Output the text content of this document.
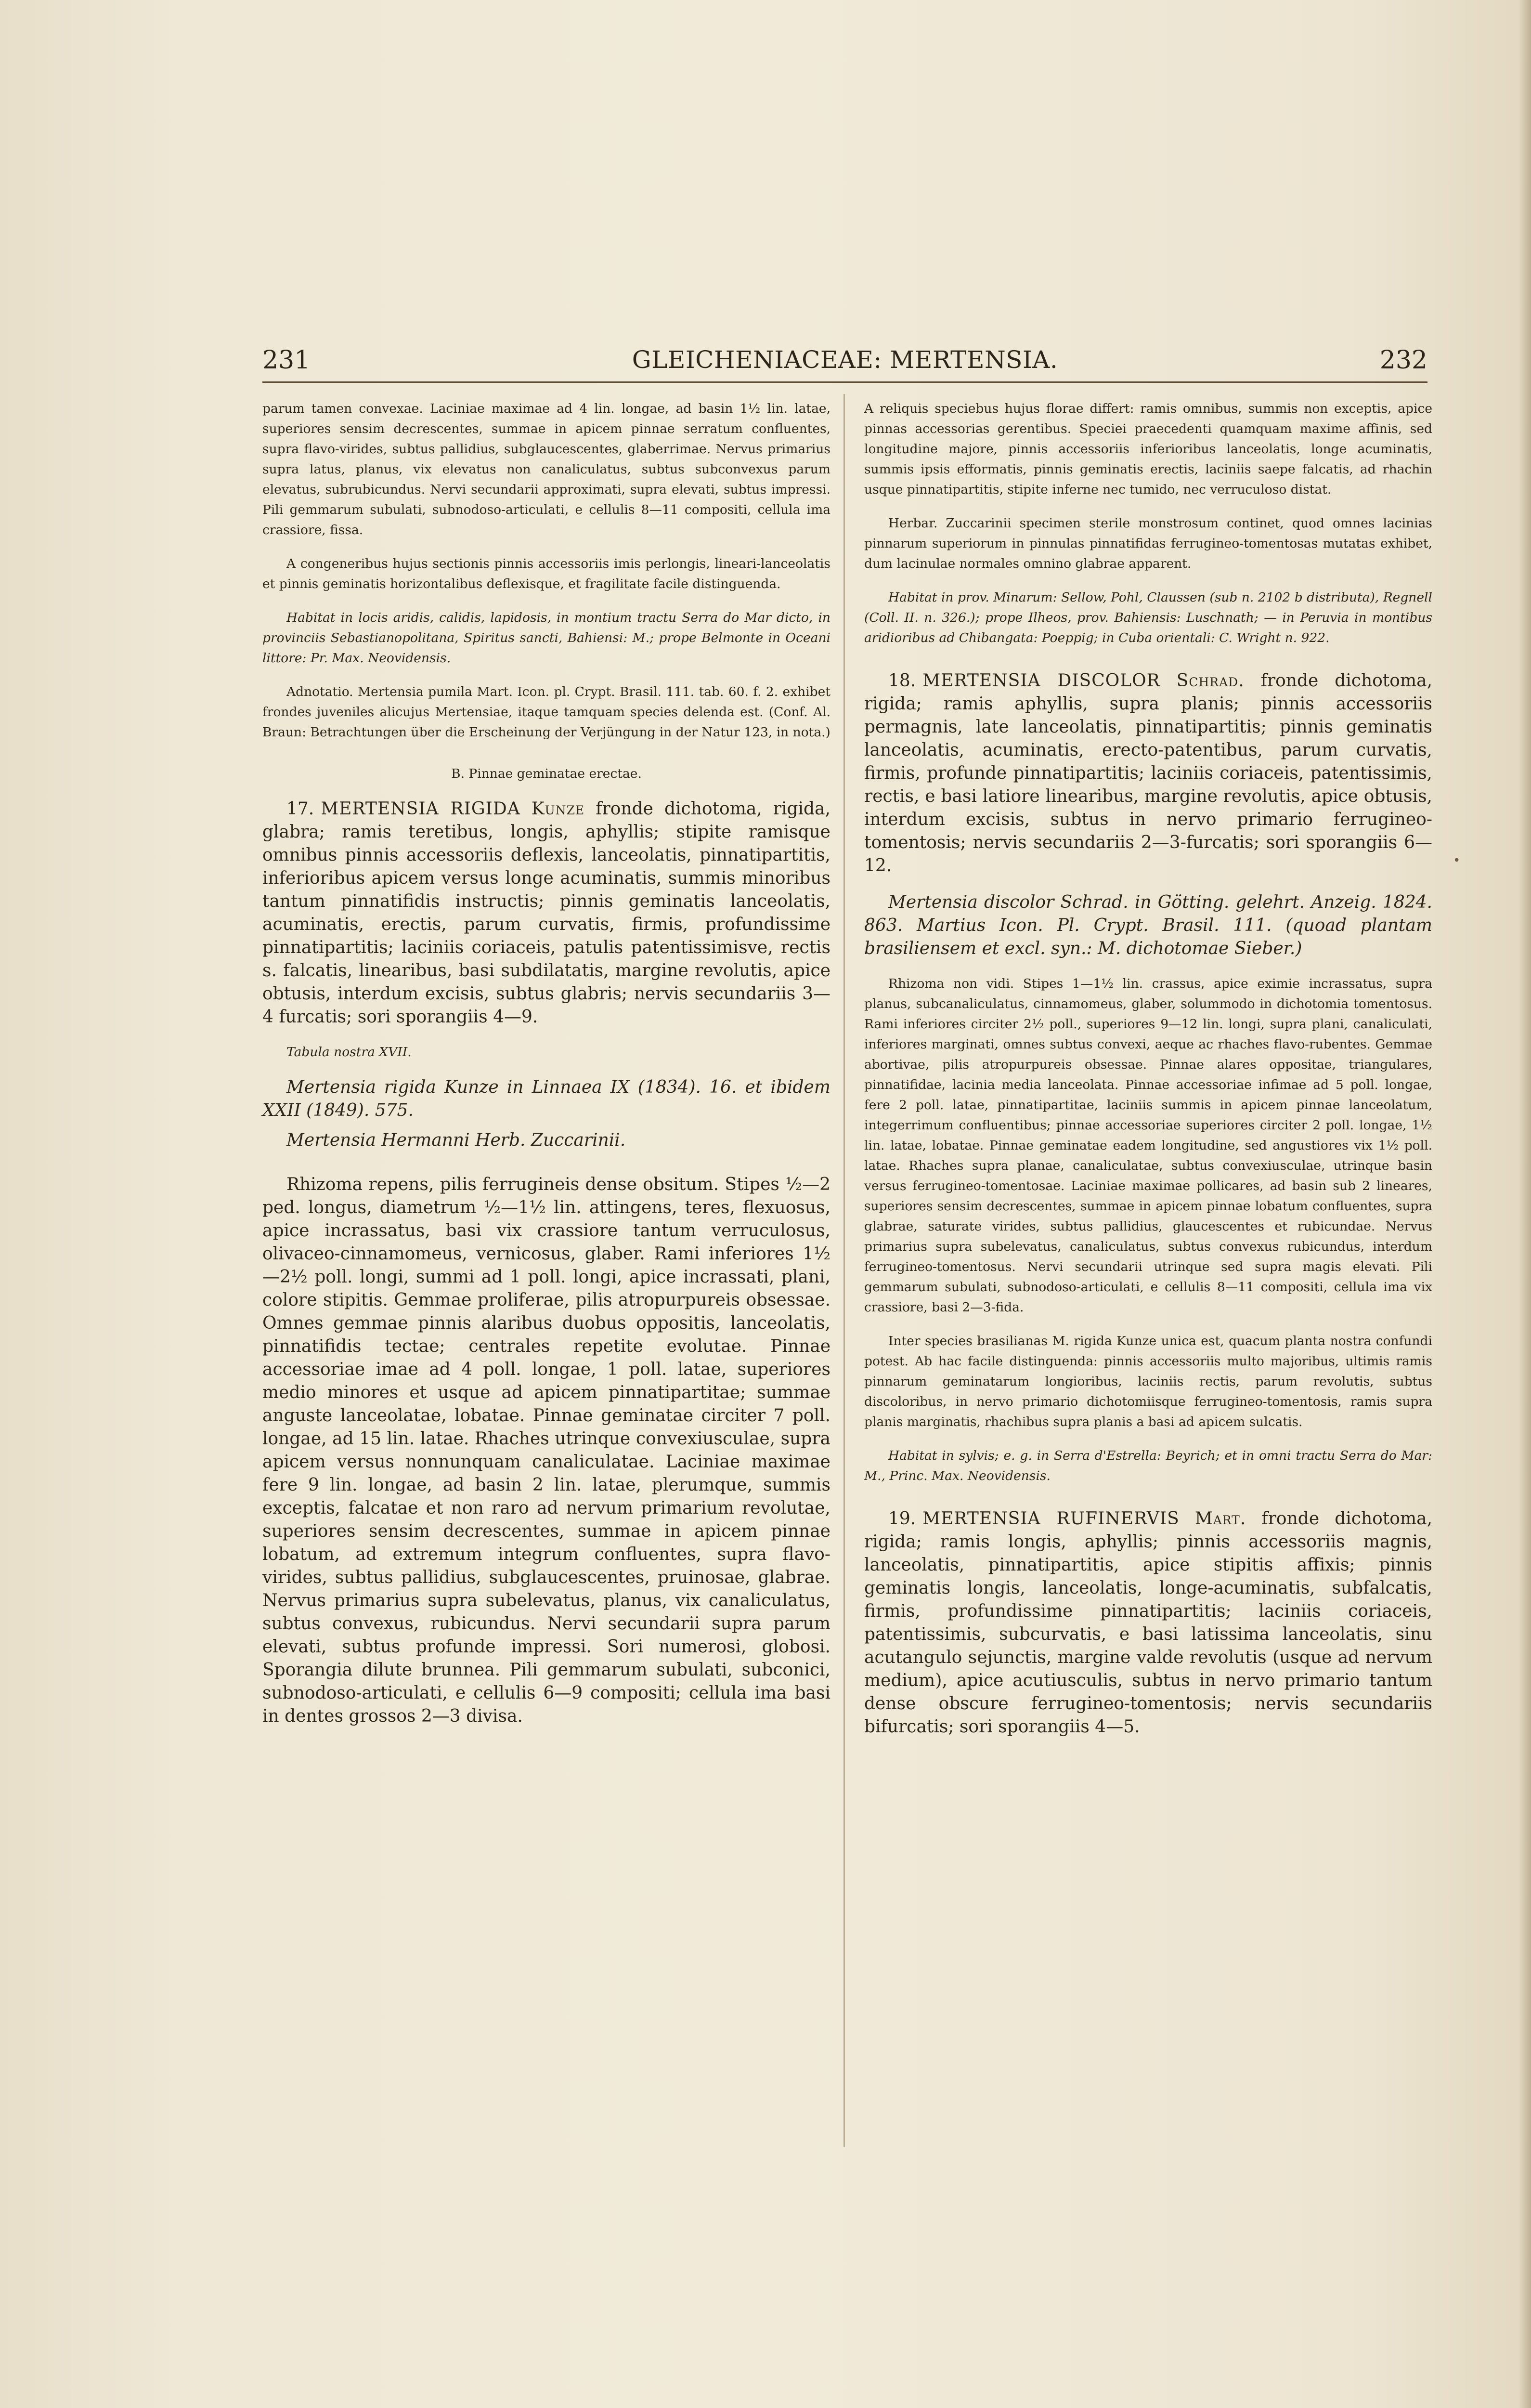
231	GLEICHENIACEAE: MERTENSIA.	232
•

parum tamen convexae. Laciniae maximae ad 4 lin. longae, ad basin 1½ lin. latae, superiores sensim decrescentes, summae in apicem pinnae serratum confluentes, supra flavo-virides, subtus pallidius, subglaucescentes, glaberrimae. Nervus primarius supra latus, planus, vix elevatus non canaliculatus, subtus subconvexus parum elevatus, subrubicundus. Nervi secundarii approximati, supra elevati, subtus impressi. Pili gemmarum subulati, subnodoso-articulati, e cellulis 8—11 compositi, cellula ima crassiore, fissa.

A congeneribus hujus sectionis pinnis accessoriis imis perlongis, lineari-lanceolatis et pinnis geminatis horizontalibus deflexisque, et fragilitate facile distinguenda.

Habitat in locis aridis, calidis, lapidosis, in montium tractu Serra do Mar dicto, in provinciis Sebastianopolitana, Spiritus sancti, Bahiensi: M.; prope Belmonte in Oceani littore: Pr. Max. Neovidensis.

Adnotatio. Mertensia pumila Mart. Icon. pl. Crypt. Brasil. 111. tab. 60. f. 2. exhibet frondes juveniles alicujus Mertensiae, itaque tamquam species delenda est. (Conf. Al. Braun: Betrachtungen über die Erscheinung der Verjüngung in der Natur 123, in nota.)

B. Pinnae geminatae erectae.

17. MERTENSIA RIGIDA Kunze fronde dichotoma, rigida, glabra; ramis teretibus, longis, aphyllis; stipite ramisque omnibus pinnis accessoriis deflexis, lanceolatis, pinnatipartitis, inferioribus apicem versus longe acuminatis, summis minoribus tantum pinnatifidis instructis; pinnis geminatis lanceolatis, acuminatis, erectis, parum curvatis, firmis, profundissime pinnatipartitis; laciniis coriaceis, patulis patentissimisve, rectis s. falcatis, linearibus, basi subdilatatis, margine revolutis, apice obtusis, interdum excisis, subtus glabris; nervis secundariis 3—4 furcatis; sori sporangiis 4—9.

Tabula nostra XVII.

Mertensia rigida Kunze in Linnaea IX (1834). 16. et ibidem XXII (1849). 575.

Mertensia Hermanni Herb. Zuccarinii.

Rhizoma repens, pilis ferrugineis dense obsitum. Stipes ½—2 ped. longus, diametrum ½—1½ lin. attingens, teres, flexuosus, apice incrassatus, basi vix crassiore tantum verruculosus, olivaceo-cinnamomeus, vernicosus, glaber. Rami inferiores 1½—2½ poll. longi, summi ad 1 poll. longi, apice incrassati, plani, colore stipitis. Gemmae proliferae, pilis atropurpureis obsessae. Omnes gemmae pinnis alaribus duobus oppositis, lanceolatis, pinnatifidis tectae; centrales repetite evolutae. Pinnae accessoriae imae ad 4 poll. longae, 1 poll. latae, superiores medio minores et usque ad apicem pinnatipartitae; summae anguste lanceolatae, lobatae. Pinnae geminatae circiter 7 poll. longae, ad 15 lin. latae. Rhaches utrinque convexiusculae, supra apicem versus nonnunquam canaliculatae. Laciniae maximae fere 9 lin. longae, ad basin 2 lin. latae, plerumque, summis exceptis, falcatae et non raro ad nervum primarium revolutae, superiores sensim decrescentes, summae in apicem pinnae lobatum, ad extremum integrum confluentes, supra flavo-virides, subtus pallidius, subglaucescentes, pruinosae, glabrae. Nervus primarius supra subelevatus, planus, vix canaliculatus, subtus convexus, rubicundus. Nervi secundarii supra parum elevati, subtus profunde impressi. Sori numerosi, globosi. Sporangia dilute brunnea. Pili gemmarum subulati, subconici, subnodoso-articulati, e cellulis 6—9 compositi; cellula ima basi in dentes grossos 2—3 divisa.

A reliquis speciebus hujus florae differt: ramis omnibus, summis non exceptis, apice pinnas accessorias gerentibus. Speciei praecedenti quamquam maxime affinis, sed longitudine majore, pinnis accessoriis inferioribus lanceolatis, longe acuminatis, summis ipsis efformatis, pinnis geminatis erectis, laciniis saepe falcatis, ad rhachin usque pinnatipartitis, stipite inferne nec tumido, nec verruculoso distat.

Herbar. Zuccarinii specimen sterile monstrosum continet, quod omnes lacinias pinnarum superiorum in pinnulas pinnatifidas ferrugineo-tomentosas mutatas exhibet, dum lacinulae normales omnino glabrae apparent.

Habitat in prov. Minarum: Sellow, Pohl, Claussen (sub n. 2102 b distributa), Regnell (Coll. II. n. 326.); prope Ilheos, prov. Bahiensis: Luschnath; — in Peruvia in montibus aridioribus ad Chibangata: Poeppig; in Cuba orientali: C. Wright n. 922.

18. MERTENSIA DISCOLOR Schrad. fronde dichotoma, rigida; ramis aphyllis, supra planis; pinnis accessoriis permagnis, late lanceolatis, pinnatipartitis; pinnis geminatis lanceolatis, acuminatis, erecto-patentibus, parum curvatis, firmis, profunde pinnatipartitis; laciniis coriaceis, patentissimis, rectis, e basi latiore linearibus, margine revolutis, apice obtusis, interdum excisis, subtus in nervo primario ferrugineo-tomentosis; nervis secundariis 2—3-furcatis; sori sporangiis 6—12.

Mertensia discolor Schrad. in Götting. gelehrt. Anzeig. 1824. 863. Martius Icon. Pl. Crypt. Brasil. 111. (quoad plantam brasiliensem et excl. syn.: M. dichotomae Sieber.)

Rhizoma non vidi. Stipes 1—1½ lin. crassus, apice eximie incrassatus, supra planus, subcanaliculatus, cinnamomeus, glaber, solummodo in dichotomia tomentosus. Rami inferiores circiter 2½ poll., superiores 9—12 lin. longi, supra plani, canaliculati, inferiores marginati, omnes subtus convexi, aeque ac rhaches flavo-rubentes. Gemmae abortivae, pilis atropurpureis obsessae. Pinnae alares oppositae, triangulares, pinnatifidae, lacinia media lanceolata. Pinnae accessoriae infimae ad 5 poll. longae, fere 2 poll. latae, pinnatipartitae, laciniis summis in apicem pinnae lanceolatum, integerrimum confluentibus; pinnae accessoriae superiores circiter 2 poll. longae, 1½ lin. latae, lobatae. Pinnae geminatae eadem longitudine, sed angustiores vix 1½ poll. latae. Rhaches supra planae, canaliculatae, subtus convexiusculae, utrinque basin versus ferrugineo-tomentosae. Laciniae maximae pollicares, ad basin sub 2 lineares, superiores sensim decrescentes, summae in apicem pinnae lobatum confluentes, supra glabrae, saturate virides, subtus pallidius, glaucescentes et rubicundae. Nervus primarius supra subelevatus, canaliculatus, subtus convexus rubicundus, interdum ferrugineo-tomentosus. Nervi secundarii utrinque sed supra magis elevati. Pili gemmarum subulati, subnodoso-articulati, e cellulis 8—11 compositi, cellula ima vix crassiore, basi 2—3-fida.

Inter species brasilianas M. rigida Kunze unica est, quacum planta nostra confundi potest. Ab hac facile distinguenda: pinnis accessoriis multo majoribus, ultimis ramis pinnarum geminatarum longioribus, laciniis rectis, parum revolutis, subtus discoloribus, in nervo primario dichotomiisque ferrugineo-tomentosis, ramis supra planis marginatis, rhachibus supra planis a basi ad apicem sulcatis.

Habitat in sylvis; e. g. in Serra d'Estrella: Beyrich; et in omni tractu Serra do Mar: M., Princ. Max. Neovidensis.

19. MERTENSIA RUFINERVIS Mart. fronde dichotoma, rigida; ramis longis, aphyllis; pinnis accessoriis magnis, lanceolatis, pinnatipartitis, apice stipitis affixis; pinnis geminatis longis, lanceolatis, longe-acuminatis, subfalcatis, firmis, profundissime pinnatipartitis; laciniis coriaceis, patentissimis, subcurvatis, e basi latissima lanceolatis, sinu acutangulo sejunctis, margine valde revolutis (usque ad nervum medium), apice acutiusculis, subtus in nervo primario tantum dense obscure ferrugineo-tomentosis; nervis secundariis bifurcatis; sori sporangiis 4—5.
